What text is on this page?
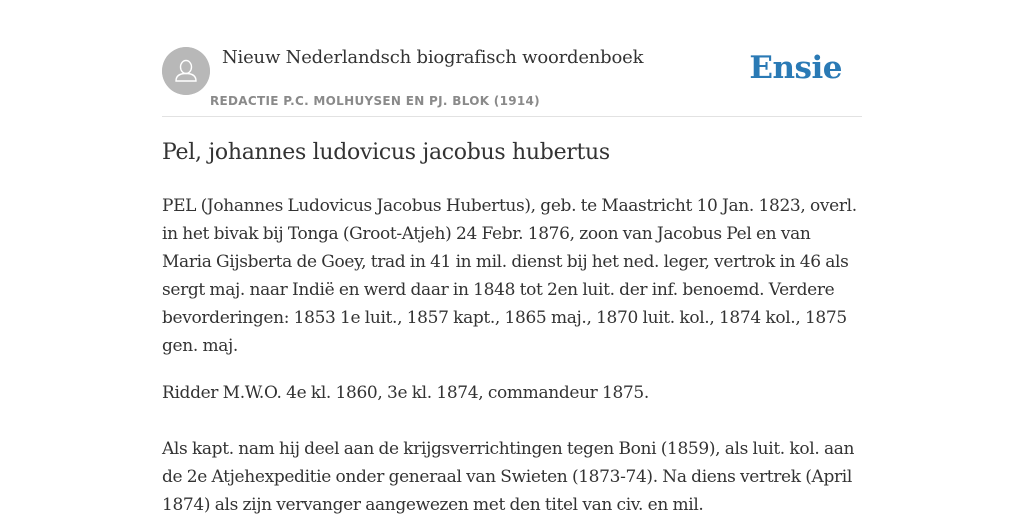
Nieuw Nederlandsch biografisch woordenboek
REDACTIE P.C. MOLHUYSEN EN PJ. BLOK (1914)
Ensie
Pel, johannes ludovicus jacobus hubertus

PEL (Johannes Ludovicus Jacobus Hubertus), geb. te Maastricht 10 Jan. 1823, overl. in het bivak bij Tonga (Groot-Atjeh) 24 Febr. 1876, zoon van Jacobus Pel en van Maria Gijsberta de Goey, trad in 41 in mil. dienst bij het ned. leger, vertrok in 46 als sergt maj. naar Indië en werd daar in 1848 tot 2en luit. der inf. benoemd. Verdere bevorderingen: 1853 1e luit., 1857 kapt., 1865 maj., 1870 luit. kol., 1874 kol., 1875 gen. maj.

Ridder M.W.O. 4e kl. 1860, 3e kl. 1874, commandeur 1875.

Als kapt. nam hij deel aan de krijgsverrichtingen tegen Boni (1859), als luit. kol. aan de 2e Atjehexpeditie onder generaal van Swieten (1873-74). Na diens vertrek (April 1874) als zijn vervanger aangewezen met den titel van civ. en mil.
